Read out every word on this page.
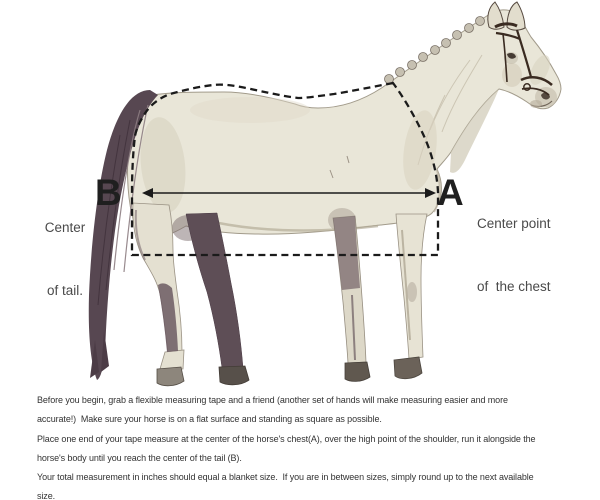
B	A

Center

of tail.

Center point

of  the chest

Before you begin, grab a flexible measuring tape and a friend (another set of hands will make measuring easier and more
accurate!)  Make sure your horse is on a flat surface and standing as square as possible.
Place one end of your tape measure at the center of the horse's chest(A), over the high point of the shoulder, run it alongside the
horse's body until you reach the center of the tail (B).
Your total measurement in inches should equal a blanket size.  If you are in between sizes, simply round up to the next available
size.
